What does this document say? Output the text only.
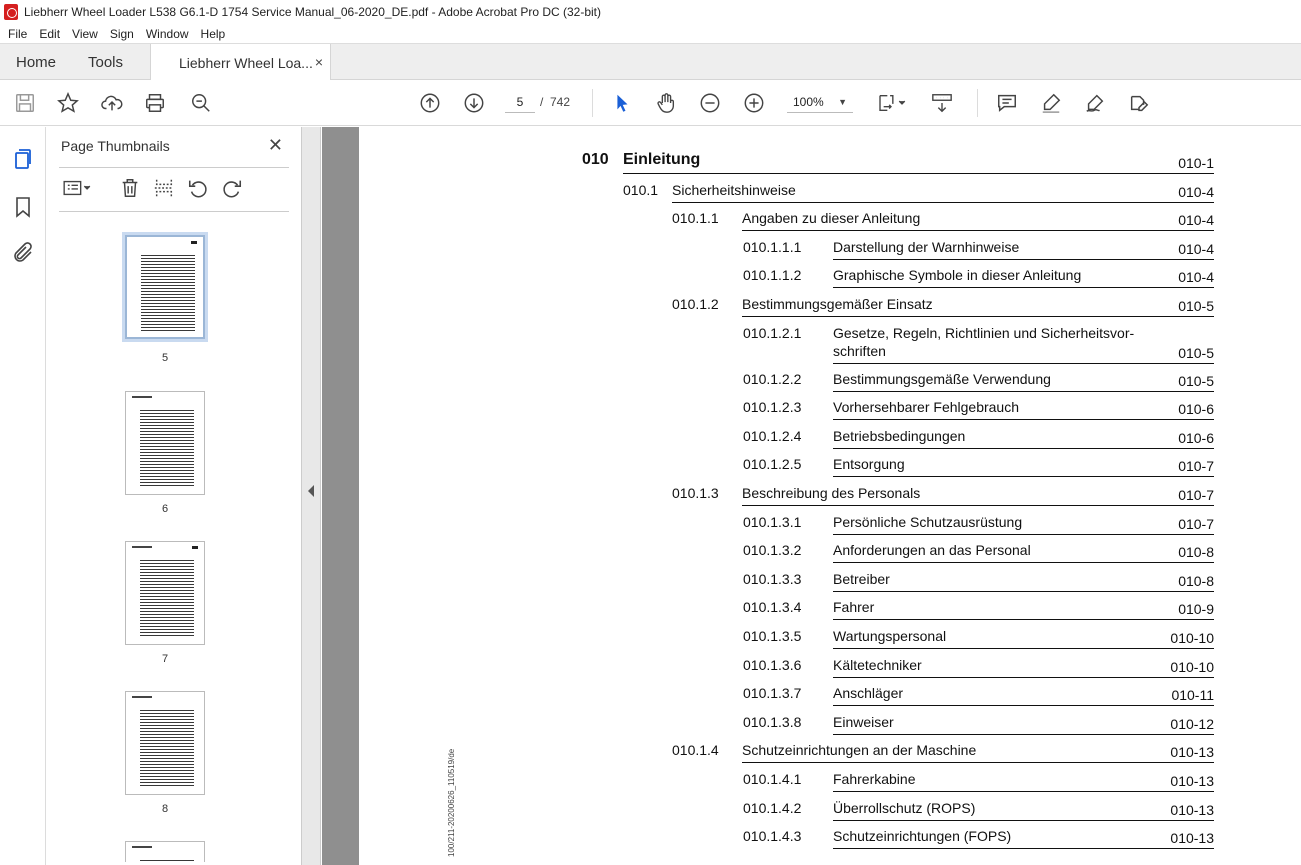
Liebherr Wheel Loader L538 G6.1-D 1754 Service Manual_06-2020_DE.pdf - Adobe Acrobat Pro DC (32-bit)
File	Edit	View	Sign	Window	Help
Home Tools	Liebherr Wheel Loa... ×
5	/ 742	100% ▼
Page Thumbnails	✕
5
6
7
8	100/211-20200626_110519/de
010 Einleitung	010-1
010.1 Sicherheitshinweise	010-4
010.1.1 Angaben zu dieser Anleitung	010-4
010.1.1.1 Darstellung der Warnhinweise	010-4
010.1.1.2 Graphische Symbole in dieser Anleitung	010-4
010.1.2 Bestimmungsgemäßer Einsatz	010-5
010.1.2.1 Gesetze, Regeln, Richtlinien und Sicherheitsvor-
schriften	010-5
010.1.2.2 Bestimmungsgemäße Verwendung	010-5
010.1.2.3 Vorhersehbarer Fehlgebrauch	010-6
010.1.2.4 Betriebsbedingungen	010-6
010.1.2.5 Entsorgung	010-7
010.1.3 Beschreibung des Personals	010-7
010.1.3.1 Persönliche Schutzausrüstung	010-7
010.1.3.2 Anforderungen an das Personal	010-8
010.1.3.3 Betreiber	010-8
010.1.3.4 Fahrer	010-9
010.1.3.5 Wartungspersonal	010-10
010.1.3.6 Kältetechniker	010-10
010.1.3.7 Anschläger	010-11
010.1.3.8 Einweiser	010-12
010.1.4 Schutzeinrichtungen an der Maschine	010-13
010.1.4.1 Fahrerkabine	010-13
010.1.4.2 Überrollschutz (ROPS)	010-13
010.1.4.3 Schutzeinrichtungen (FOPS)	010-13
